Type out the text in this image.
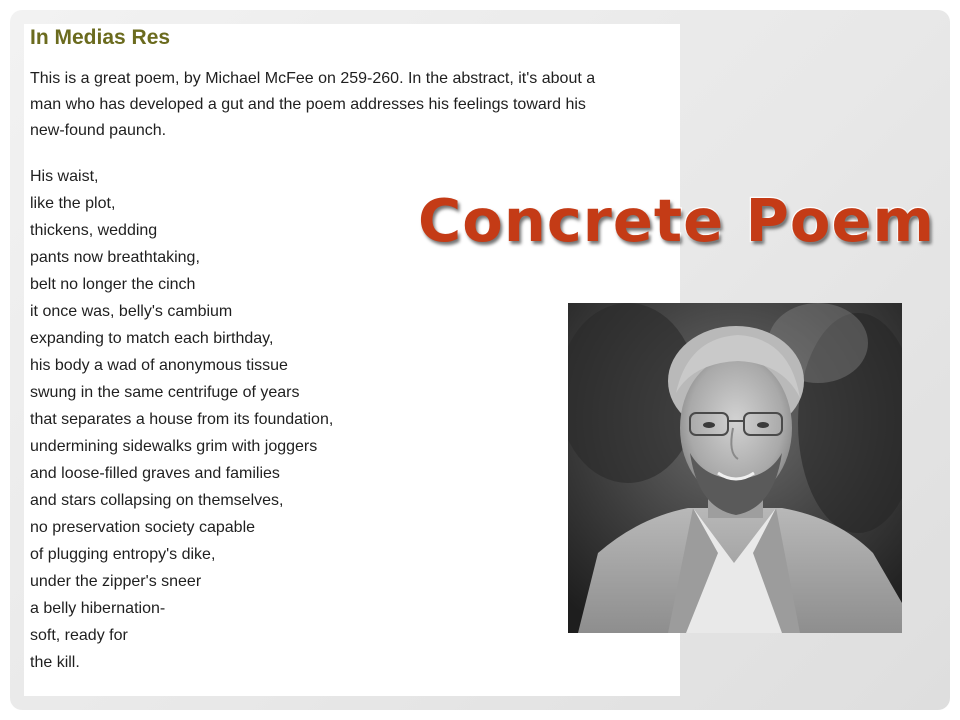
In Medias Res

This is a great poem, by Michael McFee on 259-260. In the abstract, it's about a
man who has developed a gut and the poem addresses his feelings toward his
new-found paunch.

His waist,
like the plot,
thickens, wedding
pants now breathtaking,
belt no longer the cinch
it once was, belly's cambium
expanding to match each birthday,
his body a wad of anonymous tissue
swung in the same centrifuge of years
that separates a house from its foundation,
undermining sidewalks grim with joggers
and loose-filled graves and families
and stars collapsing on themselves,
no preservation society capable
of plugging entropy's dike,
under the zipper's sneer
a belly hibernation-
soft, ready for
the kill.
Concrete Poem
